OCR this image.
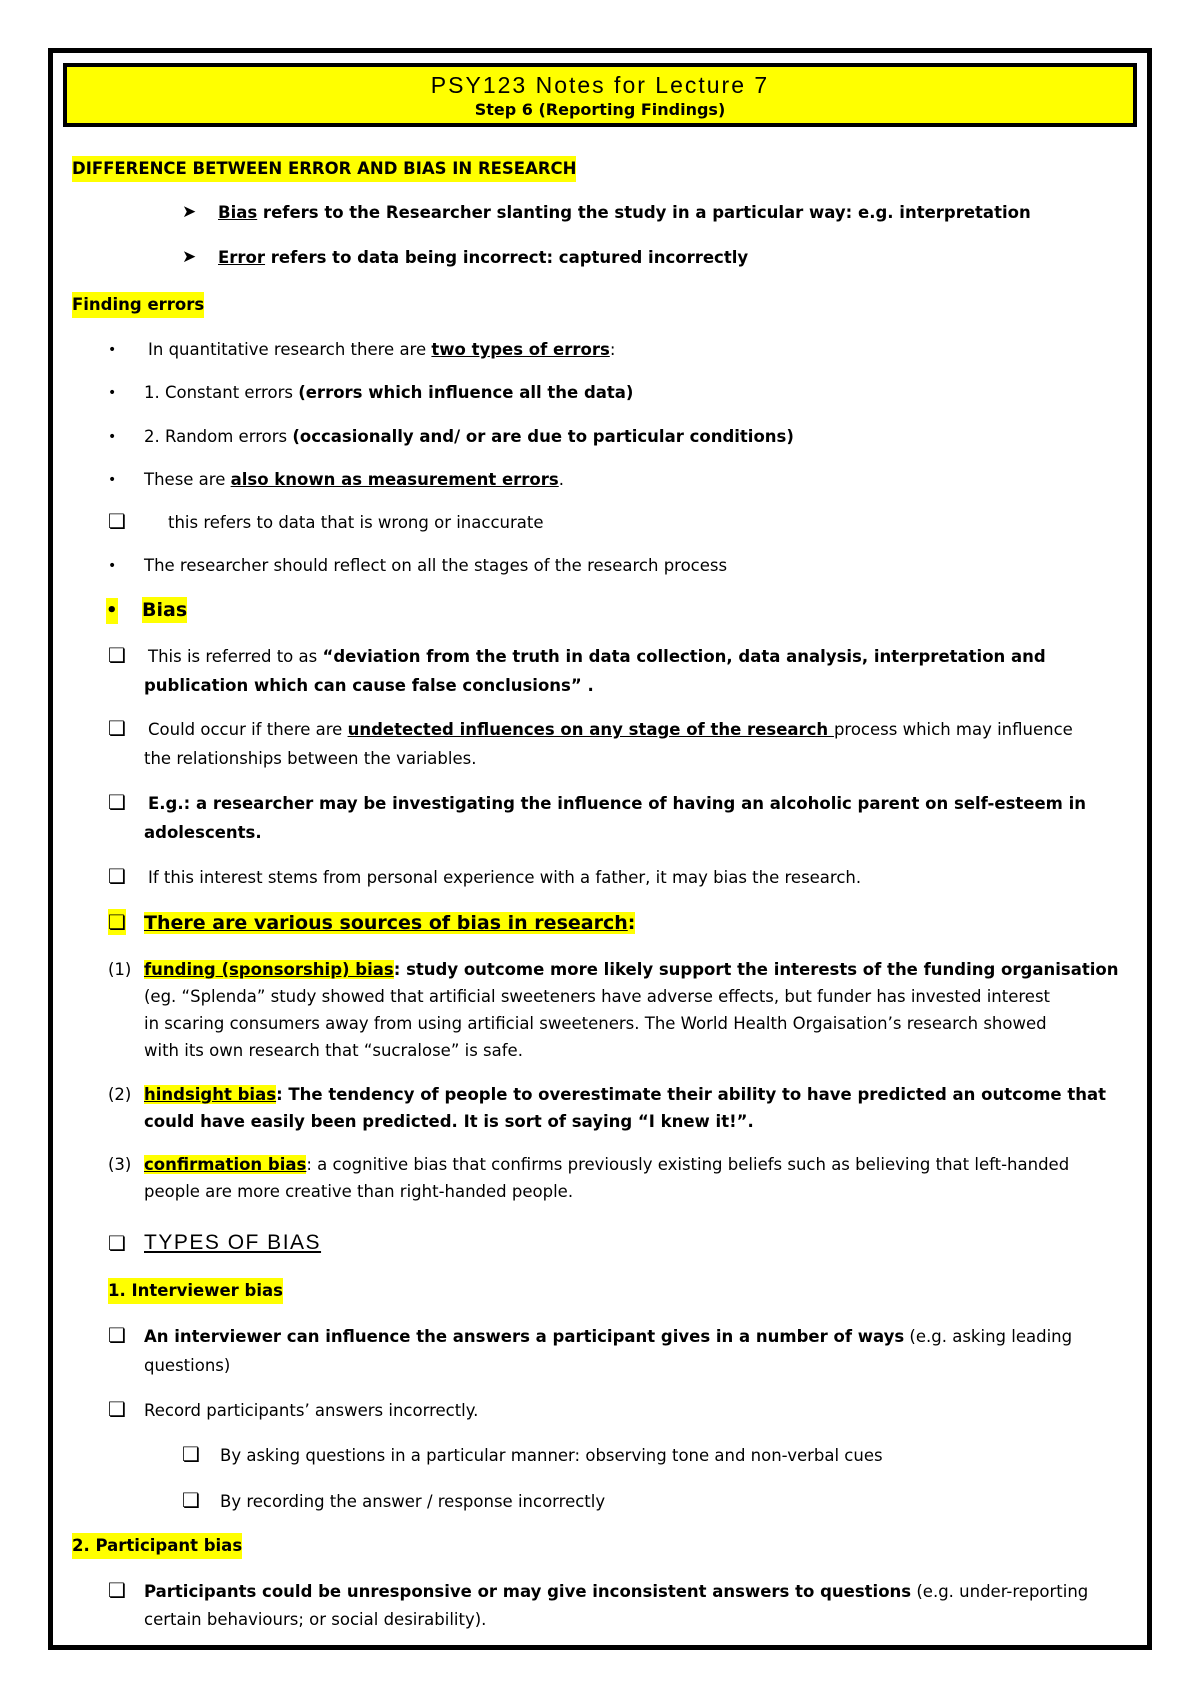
PSY123 Notes for Lecture 7
Step 6 (Reporting Findings)
DIFFERENCE BETWEEN ERROR AND BIAS IN RESEARCH
➤ Bias refers to the Researcher slanting the study in a particular way: e.g. interpretation
➤ Error refers to data being incorrect: captured incorrectly
Finding errors
• In quantitative research there are two types of errors:
• 1. Constant errors (errors which influence all the data)
• 2. Random errors (occasionally and/ or are due to particular conditions)
• These are also known as measurement errors.
❏	this refers to data that is wrong or inaccurate
• The researcher should reflect on all the stages of the research process
• Bias
❏ This is referred to as “deviation from the truth in data collection, data analysis, interpretation and
publication which can cause false conclusions” .
❏ Could occur if there are undetected influences on any stage of the research process which may influence
the relationships between the variables.
❏ E.g.: a researcher may be investigating the influence of having an alcoholic parent on self-esteem in
adolescents.
❏ If this interest stems from personal experience with a father, it may bias the research.
❏ There are various sources of bias in research:
(1) funding (sponsorship) bias: study outcome more likely support the interests of the funding organisation
(eg. “Splenda” study showed that artificial sweeteners have adverse effects, but funder has invested interest
in scaring consumers away from using artificial sweeteners. The World Health Orgaisation’s research showed
with its own research that “sucralose” is safe.
(2) hindsight bias: The tendency of people to overestimate their ability to have predicted an outcome that
could have easily been predicted. It is sort of saying “I knew it!”.
(3) confirmation bias: a cognitive bias that confirms previously existing beliefs such as believing that left-handed
people are more creative than right-handed people.
❏ TYPES OF BIAS
1. Interviewer bias
❏ An interviewer can influence the answers a participant gives in a number of ways (e.g. asking leading
questions)
❏ Record participants’ answers incorrectly.
❏ By asking questions in a particular manner: observing tone and non-verbal cues
❏ By recording the answer / response incorrectly
2. Participant bias
❏ Participants could be unresponsive or may give inconsistent answers to questions (e.g. under-reporting
certain behaviours; or social desirability).
